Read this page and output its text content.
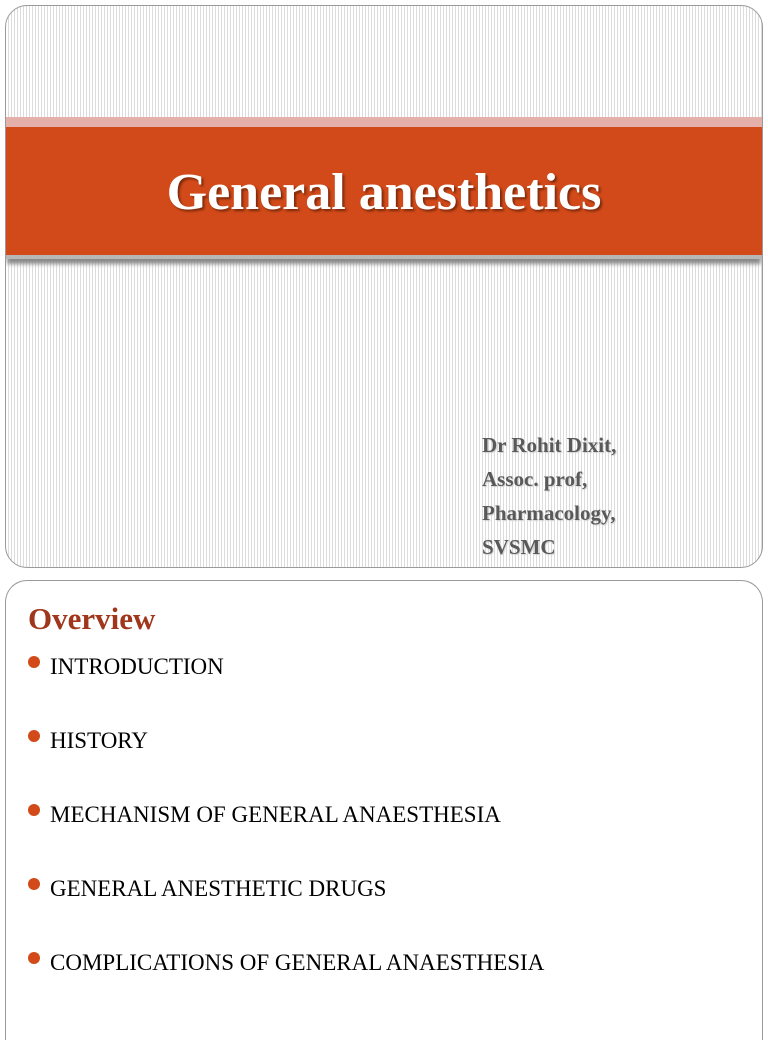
General anesthetics
Dr Rohit Dixit,
Assoc. prof,
Pharmacology,
SVSMC
Overview
INTRODUCTION
HISTORY
MECHANISM OF GENERAL ANAESTHESIA
GENERAL ANESTHETIC DRUGS
COMPLICATIONS OF GENERAL ANAESTHESIA
